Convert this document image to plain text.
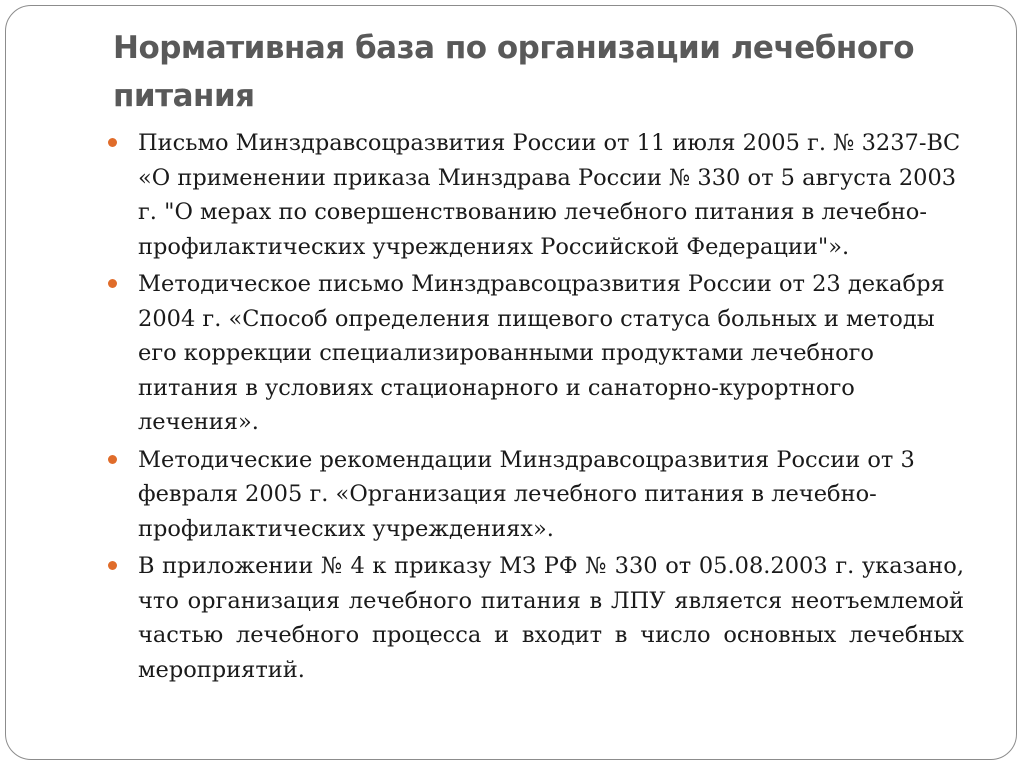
Нормативная база по организации лечебного питания
Письмо Минздравсоцразвития России от 11 июля 2005 г. № 3237-ВС «О применении приказа Минздрава России № 330 от 5 августа 2003 г. "О мерах по совершенствованию лечебного питания в лечебно-профилактических учреждениях Российской Федерации"».
Методическое письмо Минздравсоцразвития России от 23 декабря 2004 г. «Способ определения пищевого статуса больных и методы его коррекции специализированными продуктами лечебного питания в условиях стационарного и санаторно-курортного лечения».
Методические рекомендации Минздравсоцразвития России от 3 февраля 2005 г. «Организация лечебного питания в лечебно-профилактических учреждениях».
В приложении № 4 к приказу МЗ РФ № 330 от 05.08.2003 г. указано, что организация лечебного питания в ЛПУ является неотъемлемой частью лечебного процесса и входит в число основных лечебных мероприятий.
